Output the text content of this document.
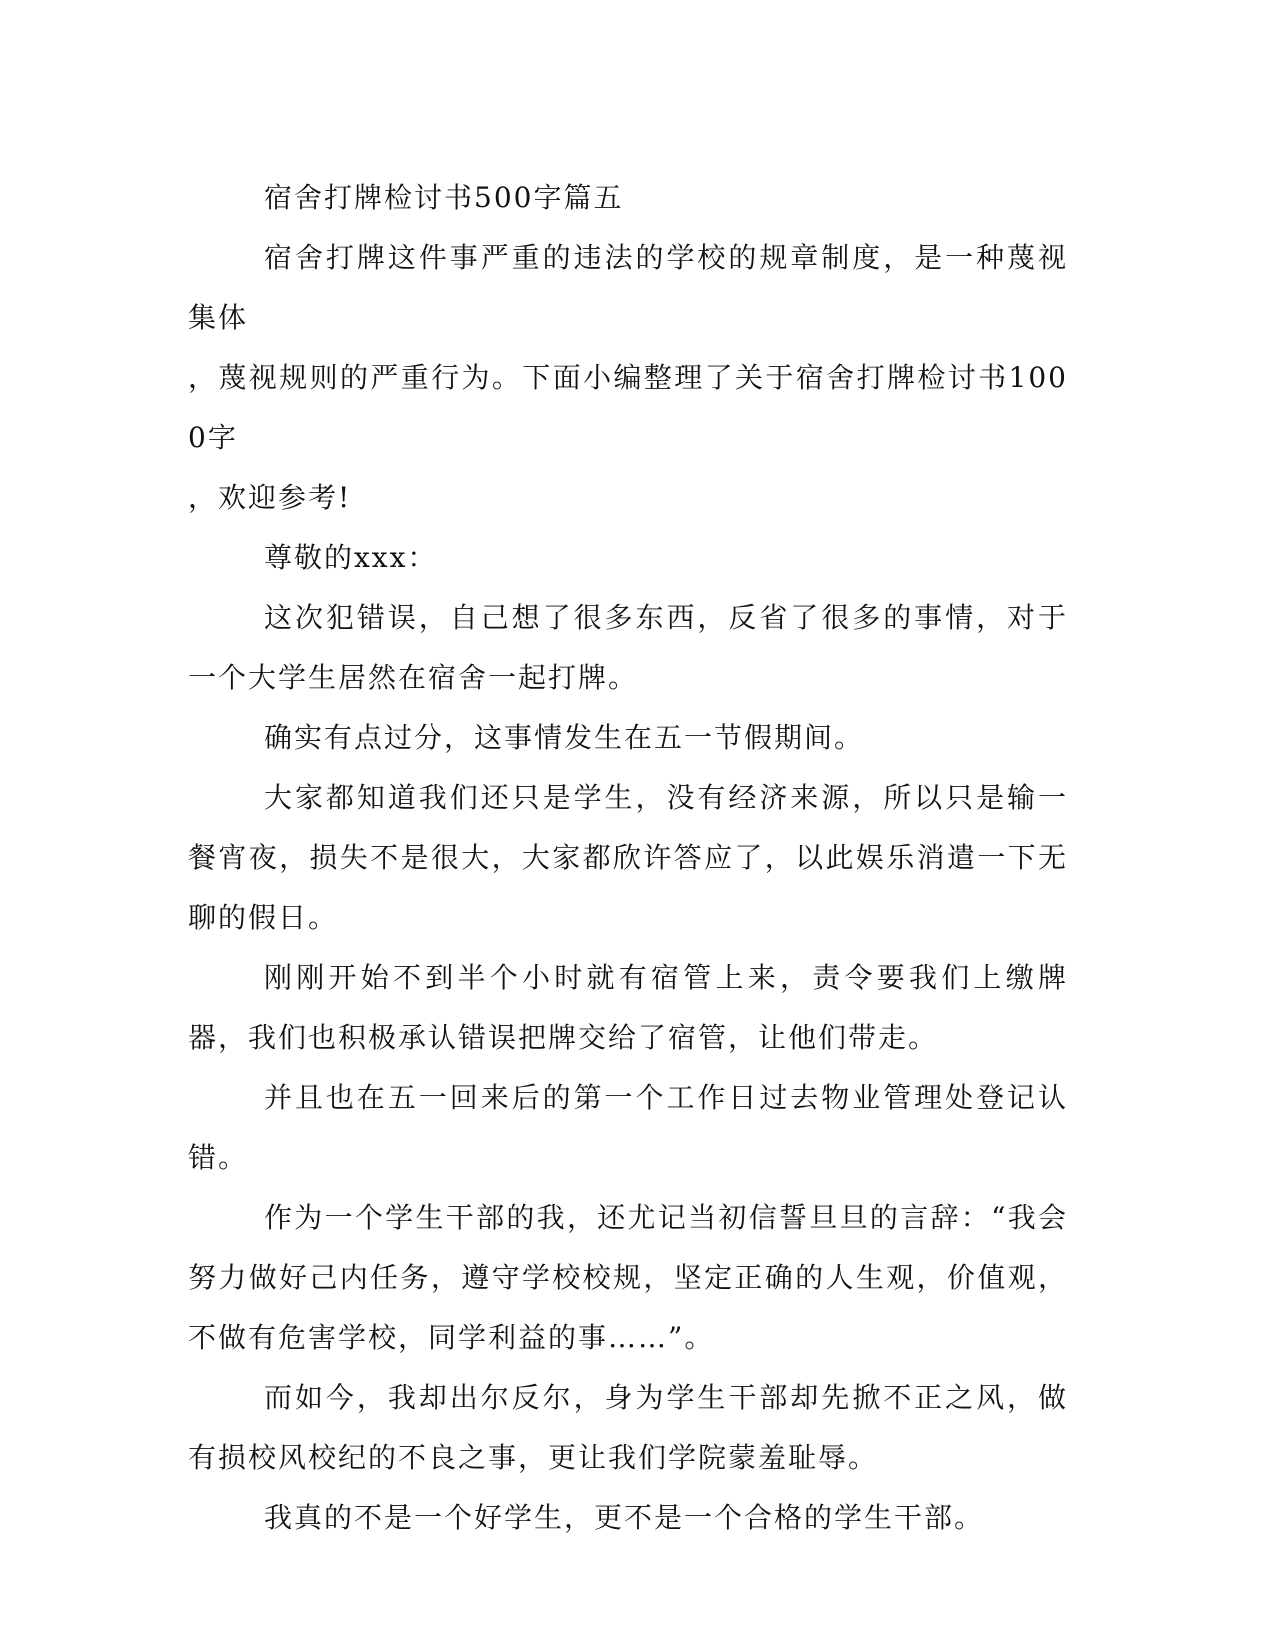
宿舍打牌检讨书500字篇五

宿舍打牌这件事严重的违法的学校的规章制度，是一种蔑视集体
，蔑视规则的严重行为。下面小编整理了关于宿舍打牌检讨书1000字
，欢迎参考!

尊敬的xxx：

这次犯错误，自己想了很多东西，反省了很多的事情，对于一个大学生居然在宿舍一起打牌。

确实有点过分，这事情发生在五一节假期间。

大家都知道我们还只是学生，没有经济来源，所以只是输一餐宵夜，损失不是很大，大家都欣许答应了，以此娱乐消遣一下无聊的假日。

刚刚开始不到半个小时就有宿管上来，责令要我们上缴牌器，我们也积极承认错误把牌交给了宿管，让他们带走。

并且也在五一回来后的第一个工作日过去物业管理处登记认错。

作为一个学生干部的我，还尤记当初信誓旦旦的言辞：“我会努力做好己内任务，遵守学校校规，坚定正确的人生观，价值观，不做有危害学校，同学利益的事……”。

而如今，我却出尔反尔，身为学生干部却先掀不正之风，做有损校风校纪的不良之事，更让我们学院蒙羞耻辱。

我真的不是一个好学生，更不是一个合格的学生干部。
